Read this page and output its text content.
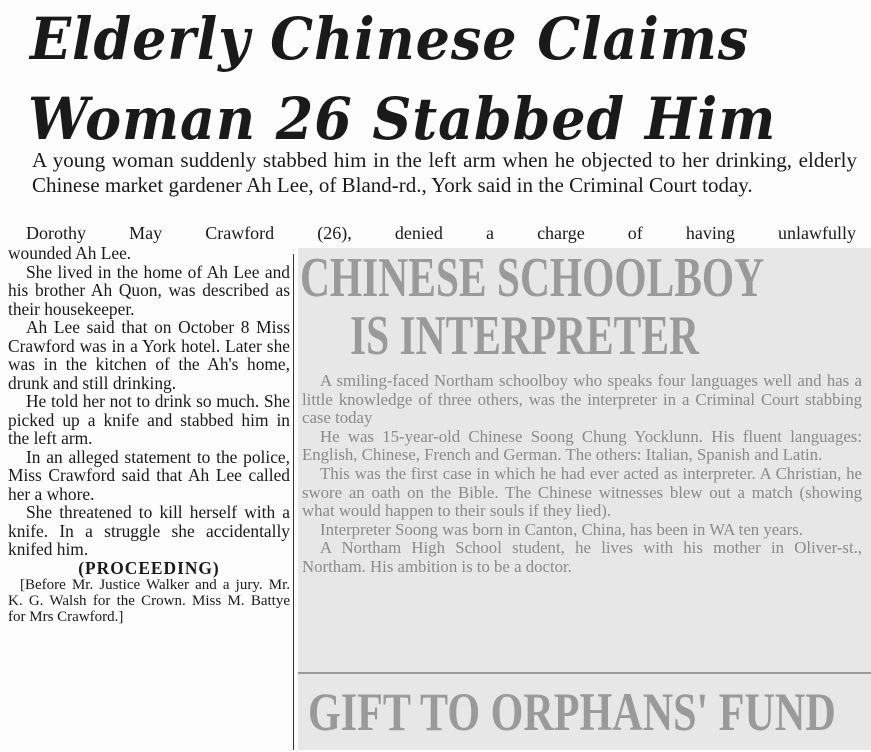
Elderly Chinese Claims
Woman 26 Stabbed Him
A young woman suddenly stabbed him in the left arm when he objected to her drinking, elderly Chinese market gardener Ah Lee, of Bland-rd., York said in the Criminal Court today.
Dorothy May Crawford (26), denied a charge of having unlawfully

wounded Ah Lee.

She lived in the home of Ah Lee and his brother Ah Quon, was described as their housekeeper.

Ah Lee said that on October 8 Miss Crawford was in a York hotel. Later she was in the kitchen of the Ah's home, drunk and still drinking.

He told her not to drink so much. She picked up a knife and stabbed him in the left arm.

In an alleged statement to the police, Miss Crawford said that Ah Lee called her a whore.

She threatened to kill herself with a knife. In a struggle she accidentally knifed him.

(PROCEEDING)

[Before Mr. Justice Walker and a jury. Mr. K. G. Walsh for the Crown. Miss M. Battye for Mrs Crawford.]

CHINESE SCHOOLBOY
IS INTERPRETER

A smiling-faced Northam schoolboy who speaks four languages well and has a little knowledge of three others, was the interpreter in a Criminal Court stabbing case today

He was 15-year-old Chinese Soong Chung Yocklunn. His fluent languages: English, Chinese, French and German. The others: Italian, Spanish and Latin.

This was the first case in which he had ever acted as interpreter. A Christian, he swore an oath on the Bible. The Chinese witnesses blew out a match (showing what would happen to their souls if they lied).

Interpreter Soong was born in Canton, China, has been in WA ten years.

A Northam High School student, he lives with his mother in Oliver-st., Northam. His ambition is to be a doctor.

GIFT TO ORPHANS' FUND
